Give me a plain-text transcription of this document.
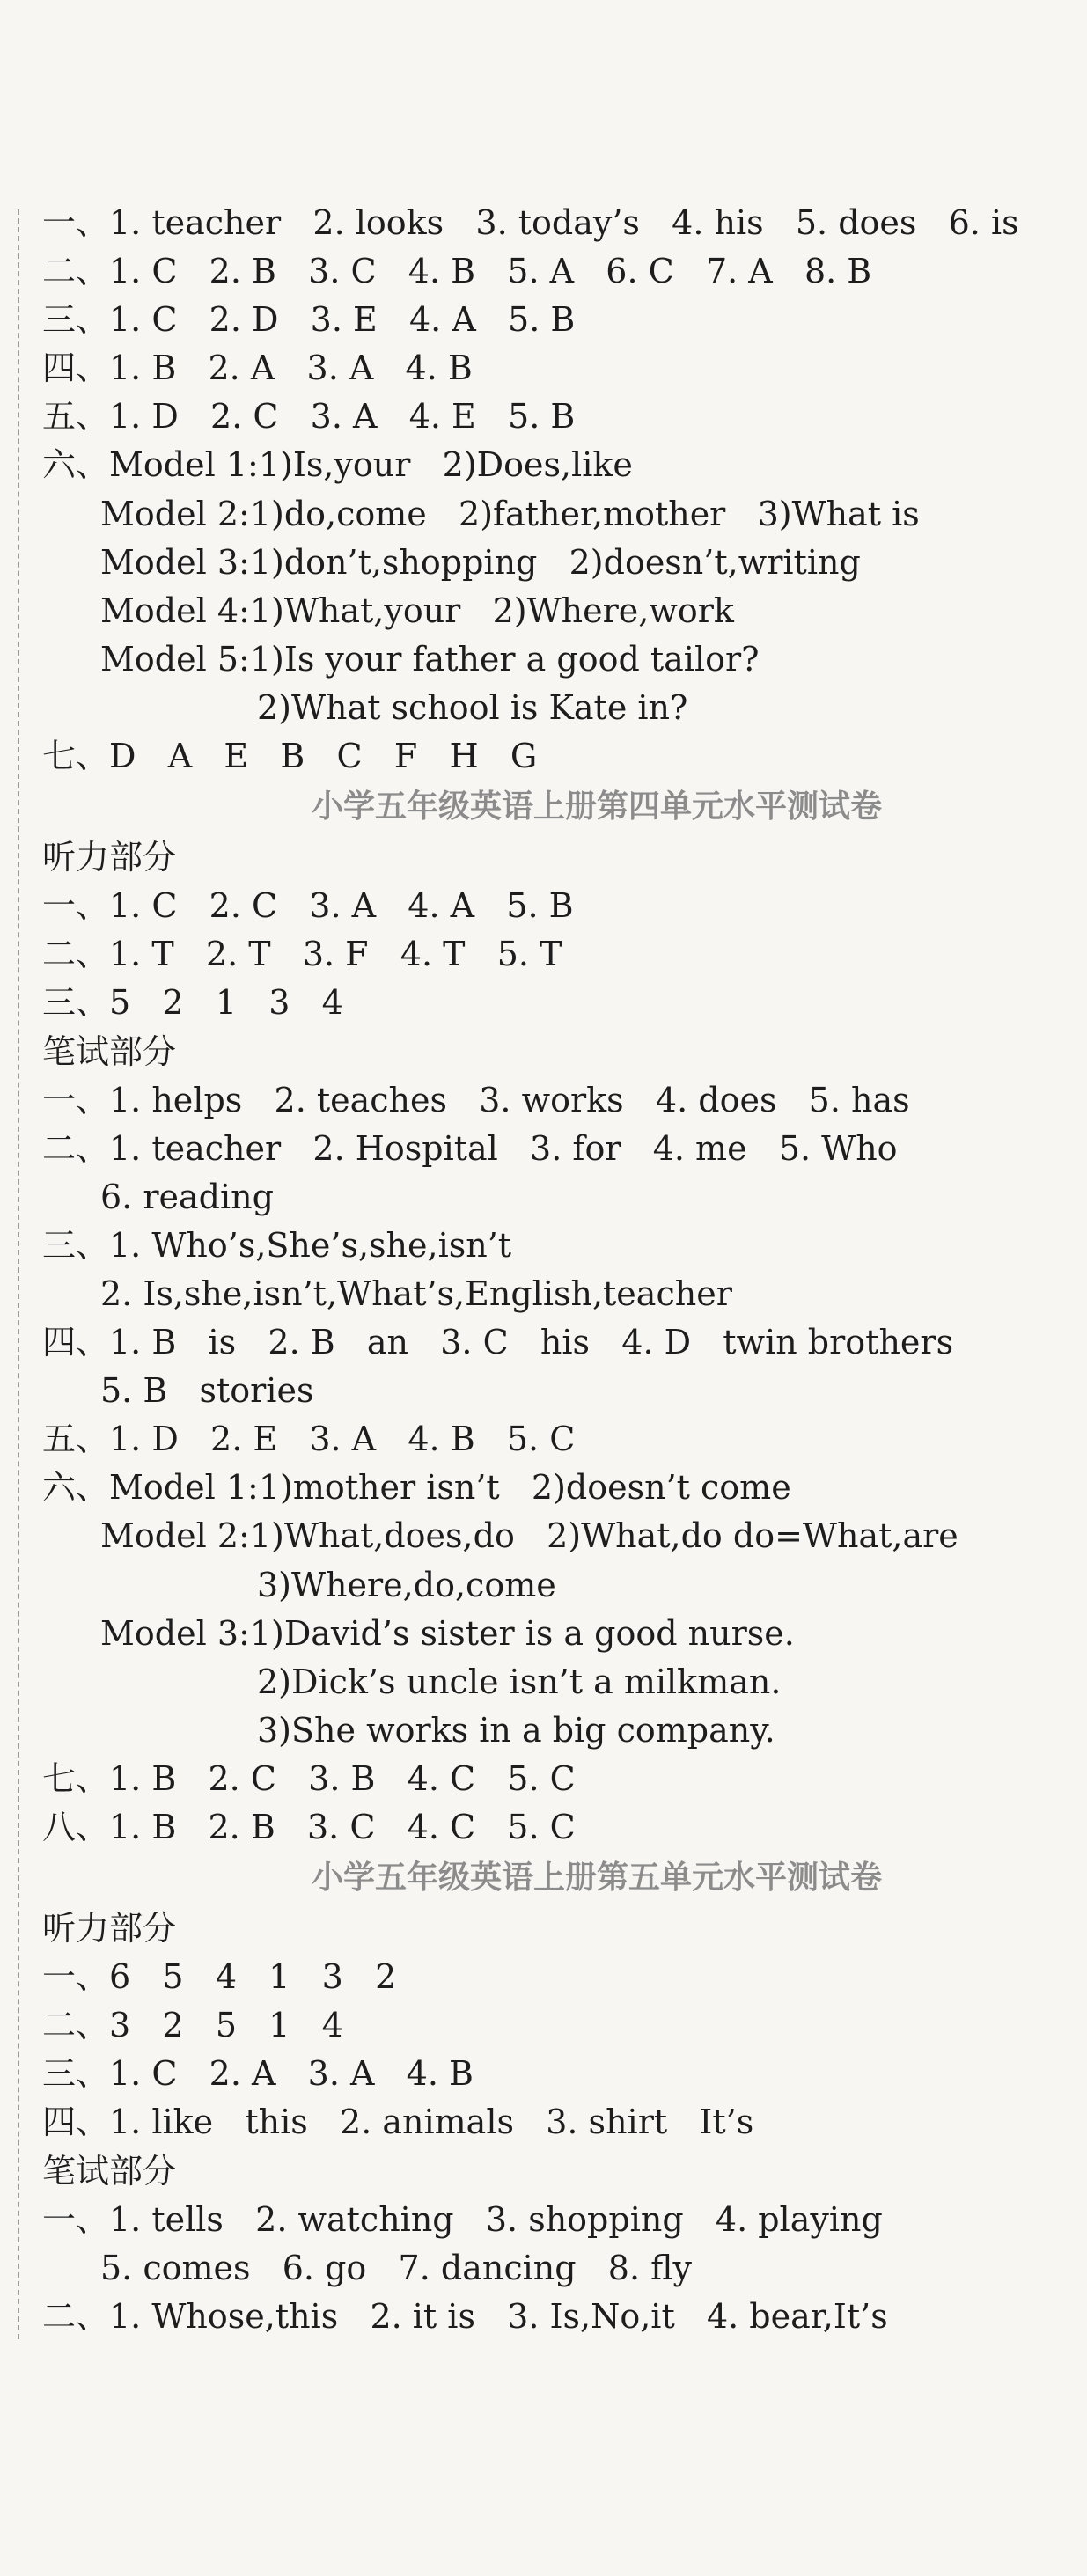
一、1. teacher   2. looks   3. today’s   4. his   5. does   6. is
二、1. C   2. B   3. C   4. B   5. A   6. C   7. A   8. B
三、1. C   2. D   3. E   4. A   5. B
四、1. B   2. A   3. A   4. B
五、1. D   2. C   3. A   4. E   5. B
六、Model 1:1)Is,your   2)Does,like
Model 2:1)do,come   2)father,mother   3)What is
Model 3:1)don’t,shopping   2)doesn’t,writing
Model 4:1)What,your   2)Where,work
Model 5:1)Is your father a good tailor?
2)What school is Kate in?
七、D   A   E   B   C   F   H   G
小学五年级英语上册第四单元水平测试卷
听力部分
一、1. C   2. C   3. A   4. A   5. B
二、1. T   2. T   3. F   4. T   5. T
三、5   2   1   3   4
笔试部分
一、1. helps   2. teaches   3. works   4. does   5. has
二、1. teacher   2. Hospital   3. for   4. me   5. Who
6. reading
三、1. Who’s,She’s,she,isn’t
2. Is,she,isn’t,What’s,English,teacher
四、1. B   is   2. B   an   3. C   his   4. D   twin brothers
5. B   stories
五、1. D   2. E   3. A   4. B   5. C
六、Model 1:1)mother isn’t   2)doesn’t come
Model 2:1)What,does,do   2)What,do do=What,are
3)Where,do,come
Model 3:1)David’s sister is a good nurse.
2)Dick’s uncle isn’t a milkman.
3)She works in a big company.
七、1. B   2. C   3. B   4. C   5. C
八、1. B   2. B   3. C   4. C   5. C
小学五年级英语上册第五单元水平测试卷
听力部分
一、6   5   4   1   3   2
二、3   2   5   1   4
三、1. C   2. A   3. A   4. B
四、1. like   this   2. animals   3. shirt   It’s
笔试部分
一、1. tells   2. watching   3. shopping   4. playing
5. comes   6. go   7. dancing   8. fly
二、1. Whose,this   2. it is   3. Is,No,it   4. bear,It’s
